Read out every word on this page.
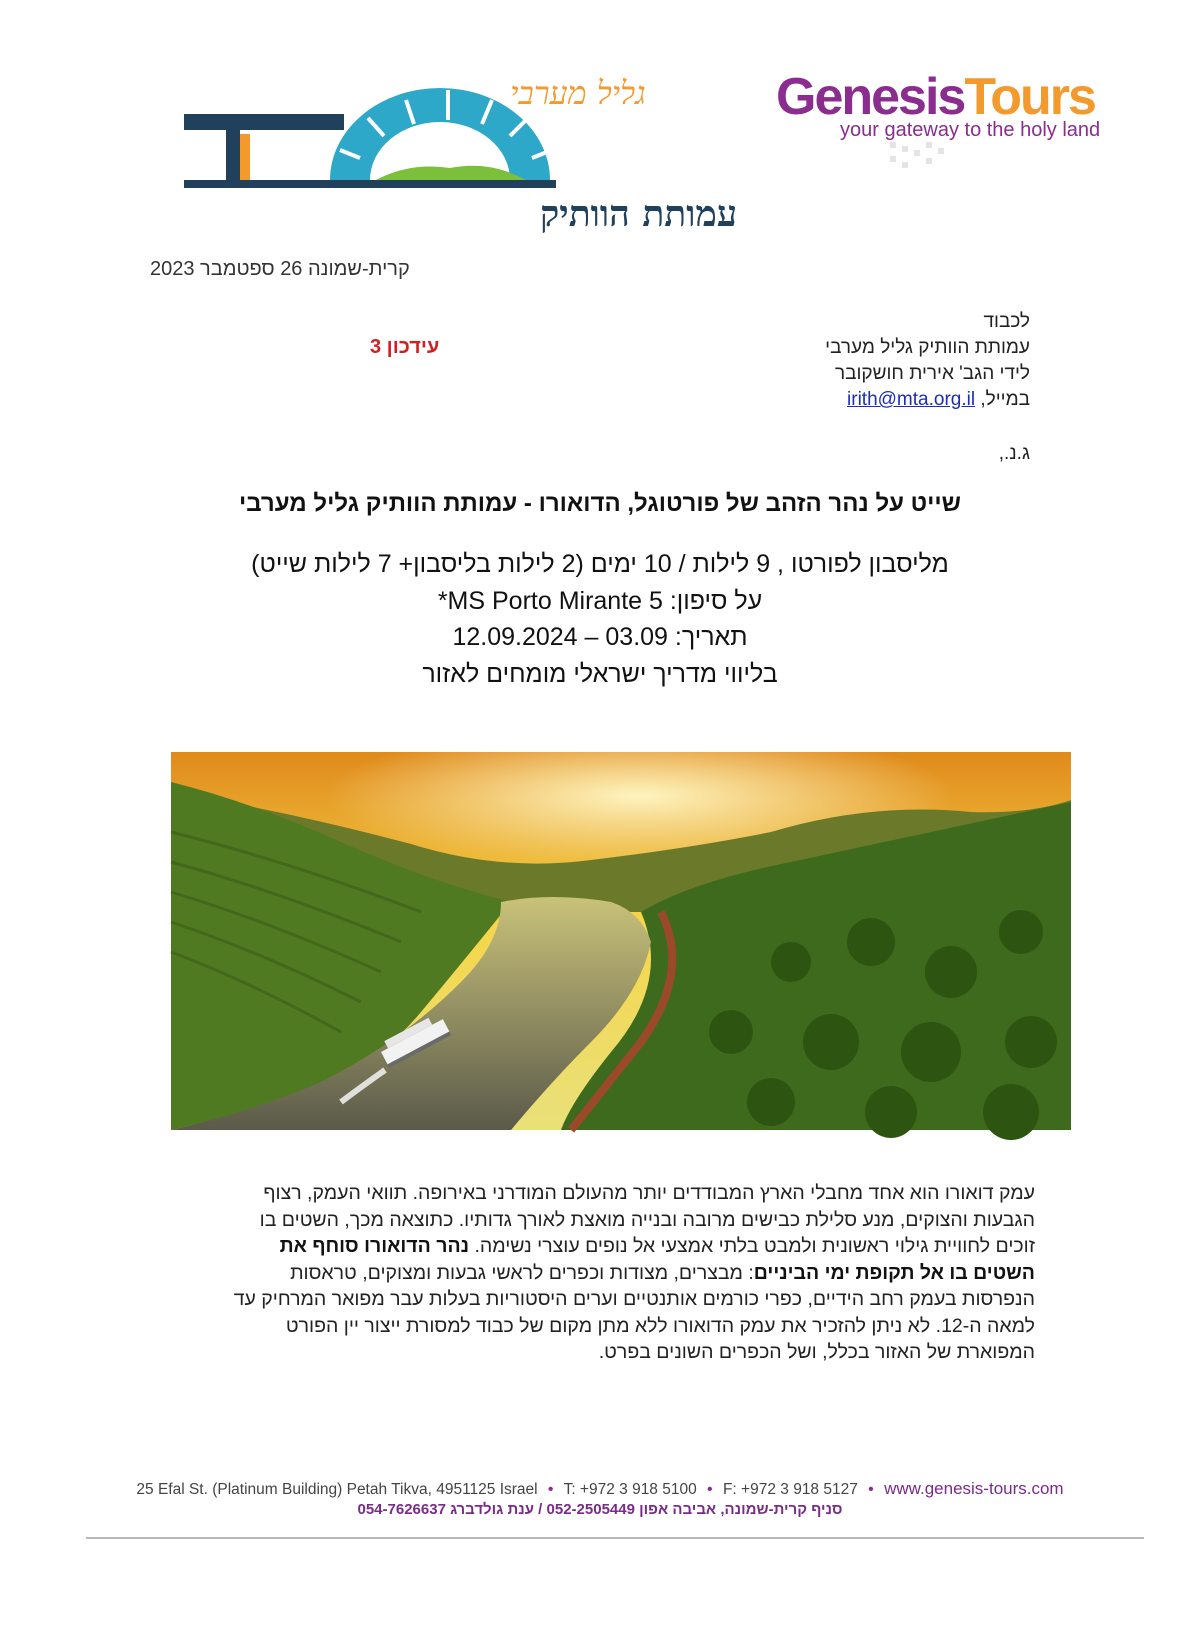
גליל מערבי
עמותת הוותיק
GenesisTours
your gateway to the holy land
קרית-שמונה 26 ספטמבר 2023
עידכון 3
לכבוד
עמותת הוותיק גליל מערבי
לידי הגב' אירית חושקובר
במייל, irith@mta.org.il
ג.נ.,
שייט על נהר הזהב של פורטוגל, הדואורו - עמותת הוותיק גליל מערבי
מליסבון לפורטו , 9 לילות / 10 ימים (2 לילות בליסבון+ 7 לילות שייט)
על סיפון: MS Porto Mirante 5*
תאריך: 03.09 – 12.09.2024
בליווי מדריך ישראלי מומחים לאזור
עמק דואורו הוא אחד מחבלי הארץ המבודדים יותר מהעולם המודרני באירופה. תוואי העמק, רצוף הגבעות והצוקים, מנע סלילת כבישים מרובה ובנייה מואצת לאורך גדותיו. כתוצאה מכך, השטים בו זוכים לחוויית גילוי ראשונית ולמבט בלתי אמצעי אל נופים עוצרי נשימה. נהר הדואורו סוחף את השטים בו אל תקופת ימי הביניים: מבצרים, מצודות וכפרים לראשי גבעות ומצוקים, טראסות הנפרסות בעמק רחב הידיים, כפרי כורמים אותנטיים וערים היסטוריות בעלות עבר מפואר המרחיק עד למאה ה-12. לא ניתן להזכיר את עמק הדואורו ללא מתן מקום של כבוד למסורת ייצור יין הפורט המפוארת של האזור בכלל, ושל הכפרים השונים בפרט.
25 Efal St. (Platinum Building) Petah Tikva, 4951125 Israel • T: +972 3 918 5100 • F: +972 3 918 5127 • www.genesis-tours.com
סניף קרית-שמונה, אביבה אפון 052-2505449 / ענת גולדברג 054-7626637
